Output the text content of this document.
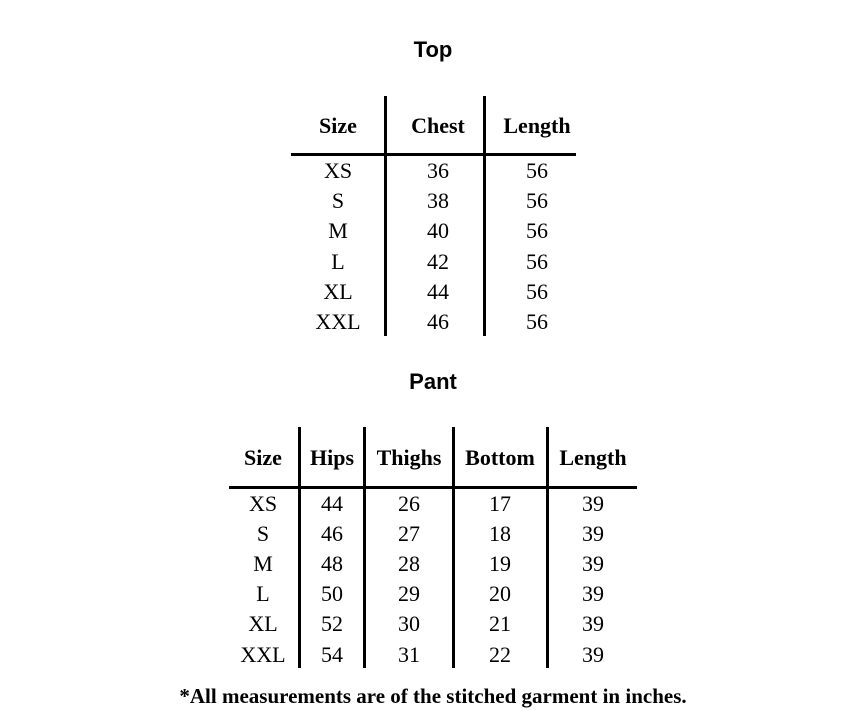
Top
Size	Chest	Length
XS	36	56
S	38	56
M	40	56
L	42	56
XL	44	56
XXL	46	56
Pant
Size	Hips	Thighs	Bottom	Length
XS	44	26	17	39
S	46	27	18	39
M	48	28	19	39
L	50	29	20	39
XL	52	30	21	39
XXL	54	31	22	39
*All measurements are of the stitched garment in inches.
